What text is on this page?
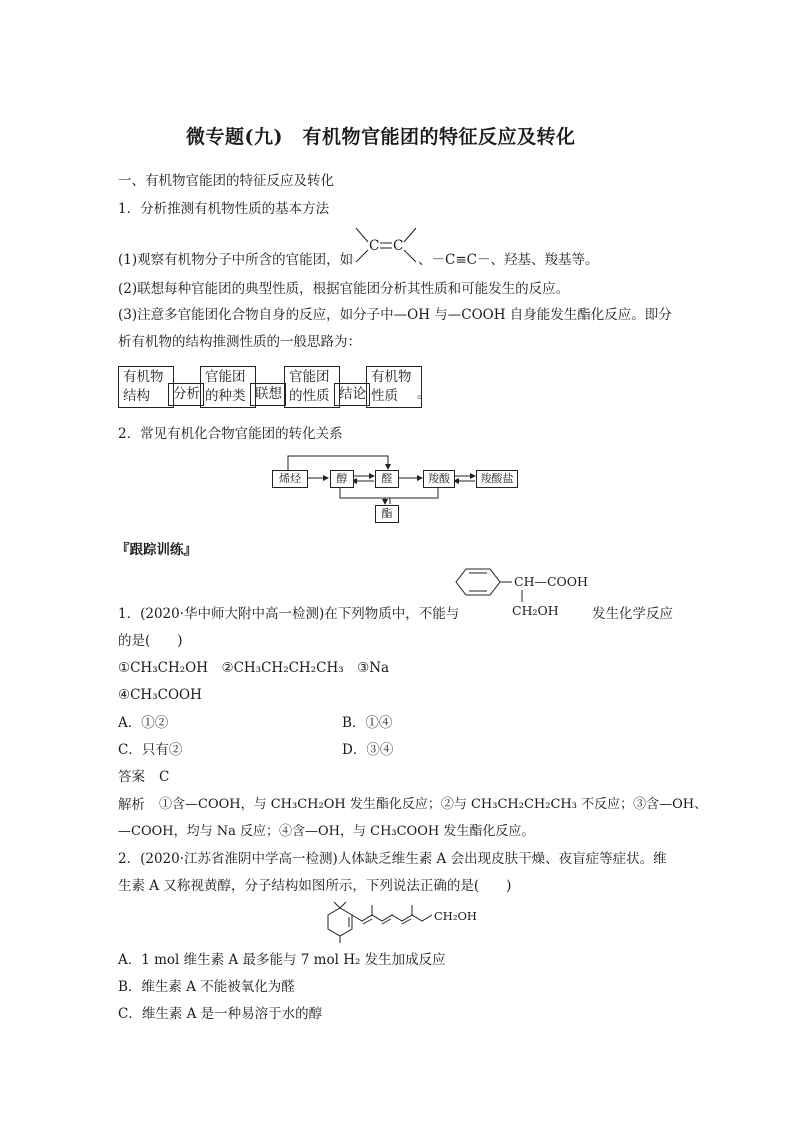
微专题(九)　有机物官能团的特征反应及转化
一、有机物官能团的特征反应及转化
1．分析推测有机物性质的基本方法
(1)观察有机物分子中所含的官能团，如
C C
、－C≡C－、羟基、羧基等。
(2)联想每种官能团的典型性质，根据官能团分析其性质和可能发生的反应。
(3)注意多官能团化合物自身的反应，如分子中—OH 与—COOH 自身能发生酯化反应。即分
析有机物的结构推测性质的一般思路为：
有机物
结构	分析
官能团
的种类 联想
官能团
的性质 结论
有机物
性质	。
2．常见有机化合物官能团的转化关系
烯烃	醇	醛	羧酸	羧酸盐
酯
『跟踪训练』
CH—COOH
CH₂OH
1．(2020·华中师大附中高一检测)在下列物质中，不能与	发生化学反应
的是(　　)
①CH₃CH₂OH　②CH₃CH₂CH₂CH₃　③Na
④CH₃COOH
A．①②	B．①④
C．只有②	D．③④
答案 C
解析 ①含—COOH，与 CH₃CH₂OH 发生酯化反应；②与 CH₃CH₂CH₂CH₃ 不反应；③含—OH、
—COOH，均与 Na 反应；④含—OH，与 CH₃COOH 发生酯化反应。
2．(2020·江苏省淮阴中学高一检测)人体缺乏维生素 A 会出现皮肤干燥、夜盲症等症状。维
生素 A 又称视黄醇，分子结构如图所示，下列说法正确的是(　　)
CH₂OH
A．1 mol 维生素 A 最多能与 7 mol H₂ 发生加成反应
B．维生素 A 不能被氧化为醛
C．维生素 A 是一种易溶于水的醇
